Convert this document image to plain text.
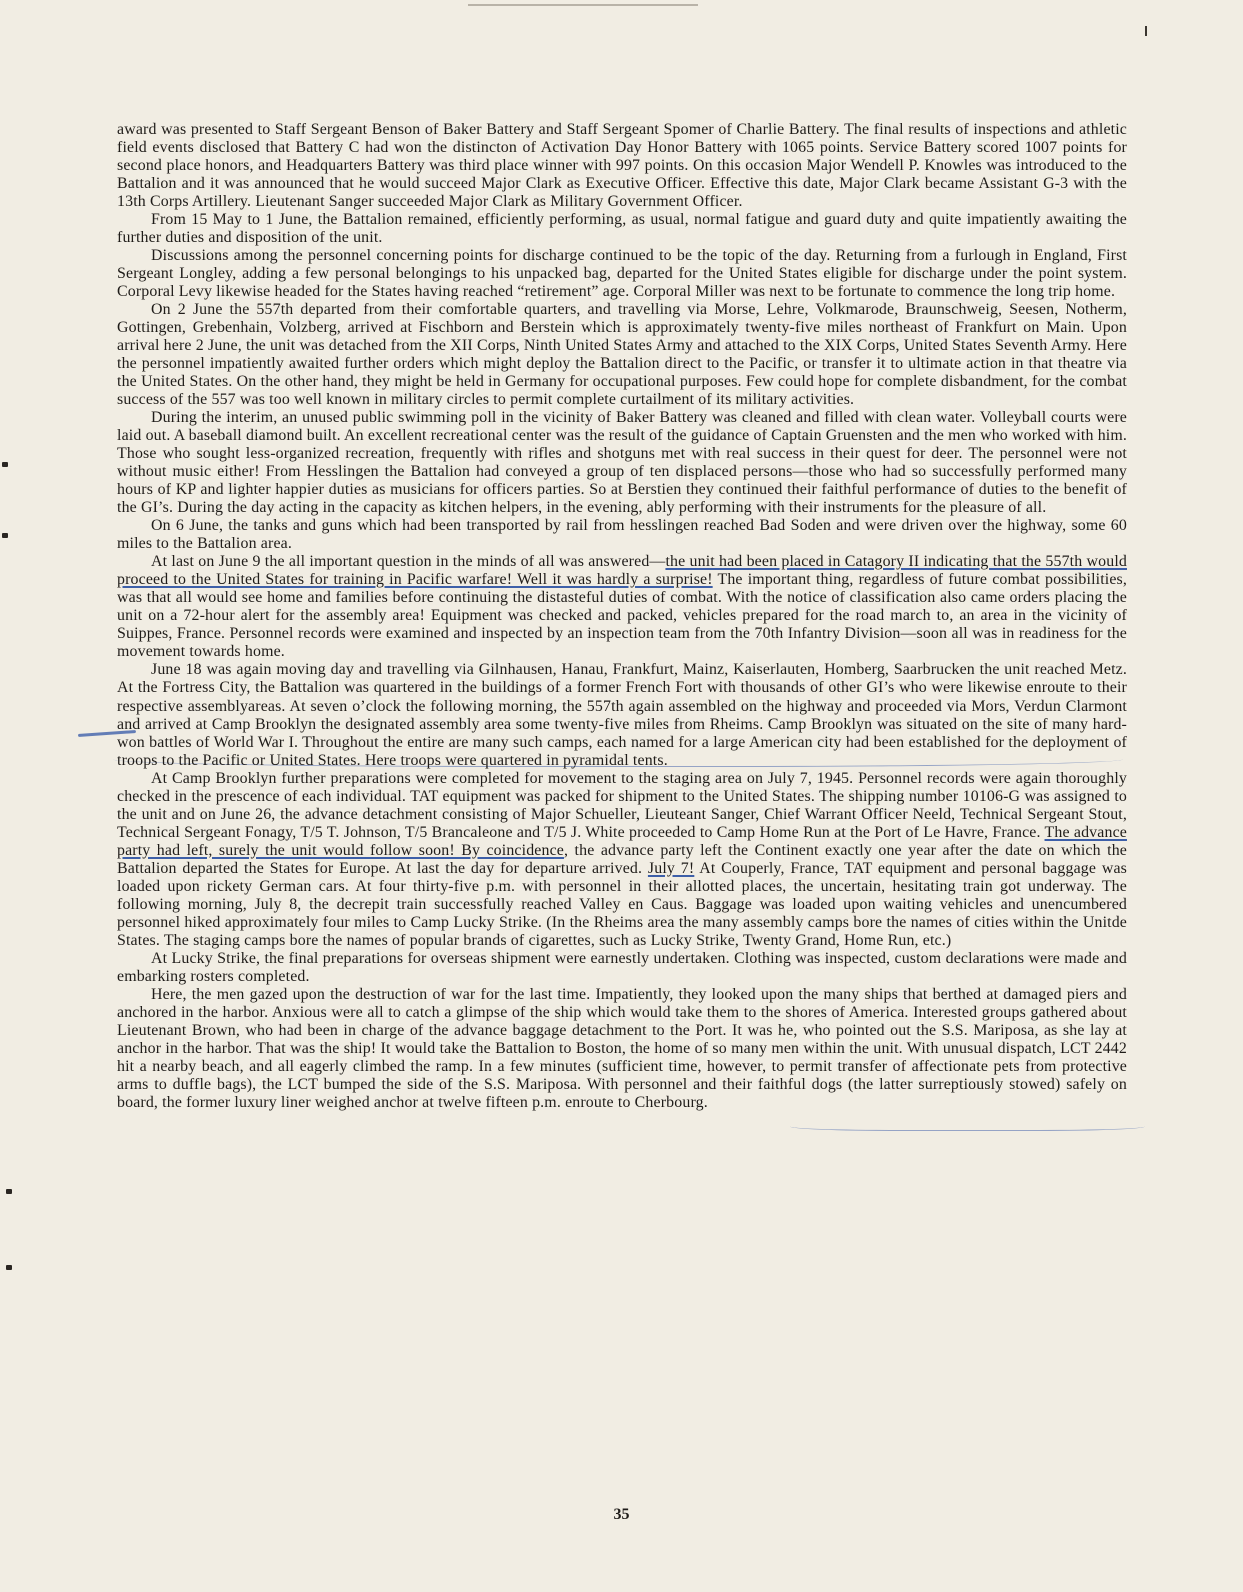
award was presented to Staff Sergeant Benson of Baker Battery and Staff Sergeant Spomer of Charlie Battery. The final results of inspections and athletic field events disclosed that Battery C had won the distincton of Activation Day Honor Battery with 1065 points. Service Battery scored 1007 points for second place honors, and Headquarters Battery was third place winner with 997 points. On this occasion Major Wendell P. Knowles was introduced to the Battalion and it was announced that he would succeed Major Clark as Executive Officer. Effective this date, Major Clark became Assistant G-3 with the 13th Corps Artillery. Lieutenant Sanger succeeded Major Clark as Military Government Officer.

From 15 May to 1 June, the Battalion remained, efficiently performing, as usual, normal fatigue and guard duty and quite impatiently awaiting the further duties and disposition of the unit.

Discussions among the personnel concerning points for discharge continued to be the topic of the day. Returning from a furlough in England, First Sergeant Longley, adding a few personal belongings to his unpacked bag, departed for the United States eligible for discharge under the point system. Corporal Levy likewise headed for the States having reached “retirement” age. Corporal Miller was next to be fortunate to commence the long trip home.

On 2 June the 557th departed from their comfortable quarters, and travelling via Morse, Lehre, Volkmarode, Braunschweig, Seesen, Notherm, Gottingen, Grebenhain, Volzberg, arrived at Fischborn and Berstein which is approximately twenty-five miles northeast of Frankfurt on Main. Upon arrival here 2 June, the unit was detached from the XII Corps, Ninth United States Army and attached to the XIX Corps, United States Seventh Army. Here the personnel impatiently awaited further orders which might deploy the Battalion direct to the Pacific, or transfer it to ultimate action in that theatre via the United States. On the other hand, they might be held in Germany for occupational purposes. Few could hope for complete disbandment, for the combat success of the 557 was too well known in military circles to permit complete curtailment of its military activities.

During the interim, an unused public swimming poll in the vicinity of Baker Battery was cleaned and filled with clean water. Volleyball courts were laid out. A baseball diamond built. An excellent recreational center was the result of the guidance of Captain Gruensten and the men who worked with him. Those who sought less-organized recreation, frequently with rifles and shotguns met with real success in their quest for deer. The personnel were not without music either! From Hesslingen the Battalion had conveyed a group of ten displaced persons—those who had so successfully performed many hours of KP and lighter happier duties as musicians for officers parties. So at Berstien they continued their faithful performance of duties to the benefit of the GI’s. During the day acting in the capacity as kitchen helpers, in the evening, ably performing with their instruments for the pleasure of all.

On 6 June, the tanks and guns which had been transported by rail from hesslingen reached Bad Soden and were driven over the highway, some 60 miles to the Battalion area.

At last on June 9 the all important question in the minds of all was answered—the unit had been placed in Catagory II indicating that the 557th would proceed to the United States for training in Pacific warfare! Well it was hardly a surprise! The important thing, regardless of future combat possibilities, was that all would see home and families before continuing the distasteful duties of combat. With the notice of classification also came orders placing the unit on a 72-hour alert for the assembly area! Equipment was checked and packed, vehicles prepared for the road march to, an area in the vicinity of Suippes, France. Personnel records were examined and inspected by an inspection team from the 70th Infantry Division—soon all was in readiness for the movement towards home.

June 18 was again moving day and travelling via Gilnhausen, Hanau, Frankfurt, Mainz, Kaiserlauten, Homberg, Saarbrucken the unit reached Metz. At the Fortress City, the Battalion was quartered in the buildings of a former French Fort with thousands of other GI’s who were likewise enroute to their respective assemblyareas. At seven o’clock the following morning, the 557th again assembled on the highway and proceeded via Mors, Verdun Clarmont and arrived at Camp Brooklyn the designated assembly area some twenty-five miles from Rheims. Camp Brooklyn was situated on the site of many hard-won battles of World War I. Throughout the entire are many such camps, each named for a large American city had been established for the deployment of troops to the Pacific or United States. Here troops were quartered in pyramidal tents.

At Camp Brooklyn further preparations were completed for movement to the staging area on July 7, 1945. Personnel records were again thoroughly checked in the prescence of each individual. TAT equipment was packed for shipment to the United States. The shipping number 10106-G was assigned to the unit and on June 26, the advance detachment consisting of Major Schueller, Lieuteant Sanger, Chief Warrant Officer Neeld, Technical Sergeant Stout, Technical Sergeant Fonagy, T/5 T. Johnson, T/5 Brancaleone and T/5 J. White proceeded to Camp Home Run at the Port of Le Havre, France. The advance party had left, surely the unit would follow soon! By coincidence, the advance party left the Continent exactly one year after the date on which the Battalion departed the States for Europe. At last the day for departure arrived. July 7! At Couperly, France, TAT equipment and personal baggage was loaded upon rickety German cars. At four thirty-five p.m. with personnel in their allotted places, the uncertain, hesitating train got underway. The following morning, July 8, the decrepit train successfully reached Valley en Caus. Baggage was loaded upon waiting vehicles and unencumbered personnel hiked approximately four miles to Camp Lucky Strike. (In the Rheims area the many assembly camps bore the names of cities within the Unitde States. The staging camps bore the names of popular brands of cigarettes, such as Lucky Strike, Twenty Grand, Home Run, etc.)

At Lucky Strike, the final preparations for overseas shipment were earnestly undertaken. Clothing was inspected, custom declarations were made and embarking rosters completed.

Here, the men gazed upon the destruction of war for the last time. Impatiently, they looked upon the many ships that berthed at damaged piers and anchored in the harbor. Anxious were all to catch a glimpse of the ship which would take them to the shores of America. Interested groups gathered about Lieutenant Brown, who had been in charge of the advance baggage detachment to the Port. It was he, who pointed out the S.S. Mariposa, as she lay at anchor in the harbor. That was the ship! It would take the Battalion to Boston, the home of so many men within the unit. With unusual dispatch, LCT 2442 hit a nearby beach, and all eagerly climbed the ramp. In a few minutes (sufficient time, however, to permit transfer of affectionate pets from protective arms to duffle bags), the LCT bumped the side of the S.S. Mariposa. With personnel and their faithful dogs (the latter surreptiously stowed) safely on board, the former luxury liner weighed anchor at twelve fifteen p.m. enroute to Cherbourg.

35
